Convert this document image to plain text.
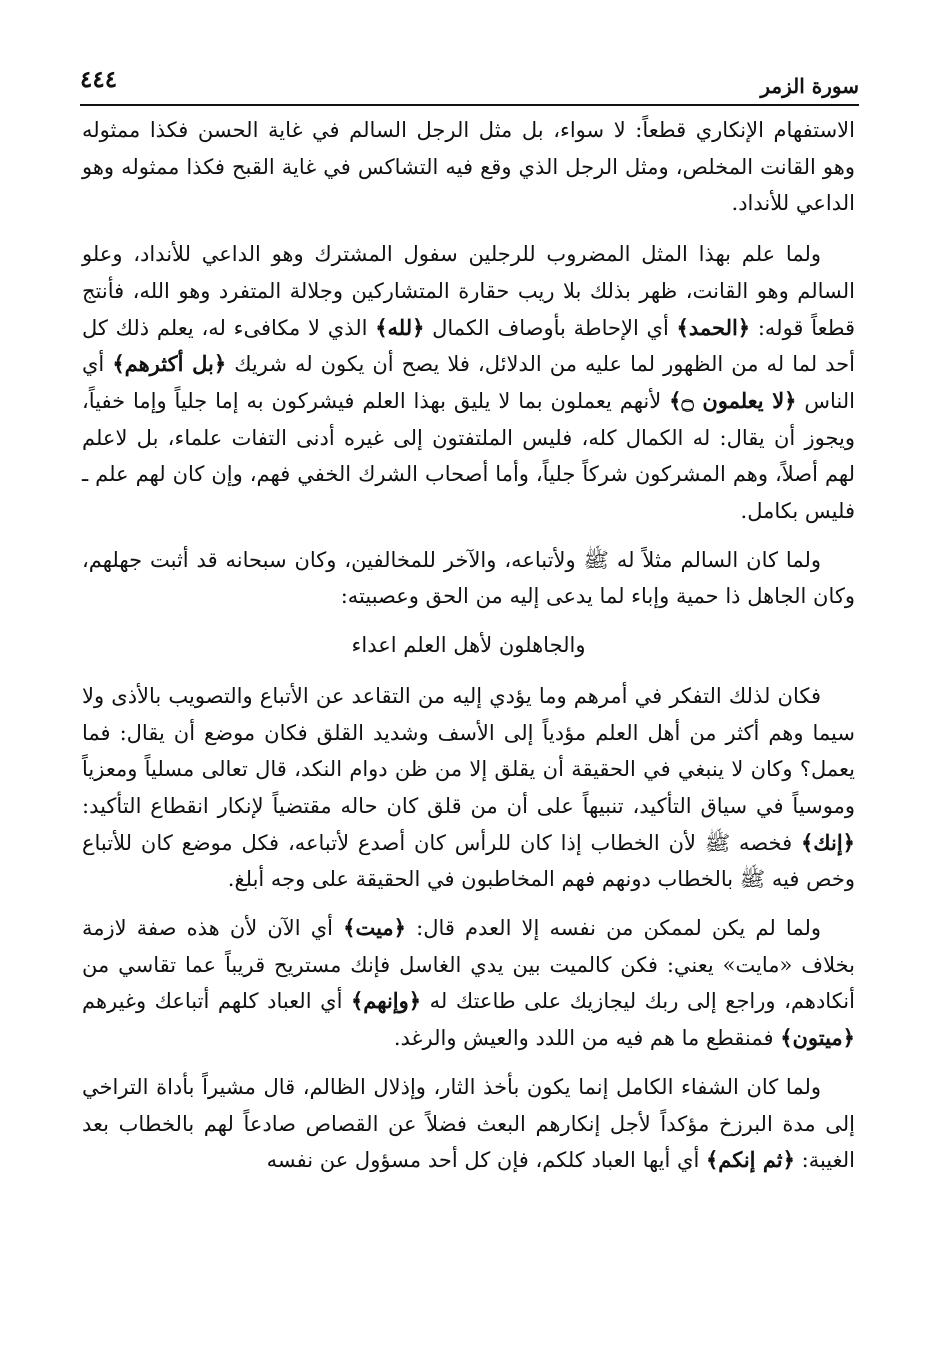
٤٤٤	سورة الزمر

الاستفهام الإنكاري قطعاً: لا سواء، بل مثل الرجل السالم في غاية الحسن فكذا ممثوله وهو القانت المخلص، ومثل الرجل الذي وقع فيه التشاكس في غاية القبح فكذا ممثوله وهو الداعي للأنداد.

ولما علم بهذا المثل المضروب للرجلين سفول المشترك وهو الداعي للأنداد، وعلو السالم وهو القانت، ظهر بذلك بلا ريب حقارة المتشاركين وجلالة المتفرد وهو الله، فأنتج قطعاً قوله: ﴿الحمد﴾ أي الإحاطة بأوصاف الكمال ﴿لله﴾ الذي لا مكافىء له، يعلم ذلك كل أحد لما له من الظهور لما عليه من الدلائل، فلا يصح أن يكون له شريك ﴿بل أكثرهم﴾ أي الناس ﴿لا يعلمون ۝﴾ لأنهم يعملون بما لا يليق بهذا العلم فيشركون به إما جلياً وإما خفياً، ويجوز أن يقال: له الكمال كله، فليس الملتفتون إلى غيره أدنى التفات علماء، بل لاعلم لهم أصلاً، وهم المشركون شركاً جلياً، وأما أصحاب الشرك الخفي فهم، وإن كان لهم علم ـ فليس بكامل.

ولما كان السالم مثلاً له ﷺ ولأتباعه، والآخر للمخالفين، وكان سبحانه قد أثبت جهلهم، وكان الجاهل ذا حمية وإباء لما يدعى إليه من الحق وعصبيته:

والجاهلون لأهل العلم اعداء

فكان لذلك التفكر في أمرهم وما يؤدي إليه من التقاعد عن الأتباع والتصويب بالأذى ولا سيما وهم أكثر من أهل العلم مؤدياً إلى الأسف وشديد القلق فكان موضع أن يقال: فما يعمل؟ وكان لا ينبغي في الحقيقة أن يقلق إلا من ظن دوام النكد، قال تعالى مسلياً ومعزياً وموسياً في سياق التأكيد، تنبيهاً على أن من قلق كان حاله مقتضياً لإنكار انقطاع التأكيد: ﴿إنك﴾ فخصه ﷺ لأن الخطاب إذا كان للرأس كان أصدع لأتباعه، فكل موضع كان للأتباع وخص فيه ﷺ بالخطاب دونهم فهم المخاطبون في الحقيقة على وجه أبلغ.

ولما لم يكن لممكن من نفسه إلا العدم قال: ﴿ميت﴾ أي الآن لأن هذه صفة لازمة بخلاف «مايت» يعني: فكن كالميت بين يدي الغاسل فإنك مستريح قريباً عما تقاسي من أنكادهم، وراجع إلى ربك ليجازيك على طاعتك له ﴿وإنهم﴾ أي العباد كلهم أتباعك وغيرهم ﴿ميتون﴾ فمنقطع ما هم فيه من اللدد والعيش والرغد.

ولما كان الشفاء الكامل إنما يكون بأخذ الثار، وإذلال الظالم، قال مشيراً بأداة التراخي إلى مدة البرزخ مؤكداً لأجل إنكارهم البعث فضلاً عن القصاص صادعاً لهم بالخطاب بعد الغيبة: ﴿ثم إنكم﴾ أي أيها العباد كلكم، فإن كل أحد مسؤول عن نفسه
